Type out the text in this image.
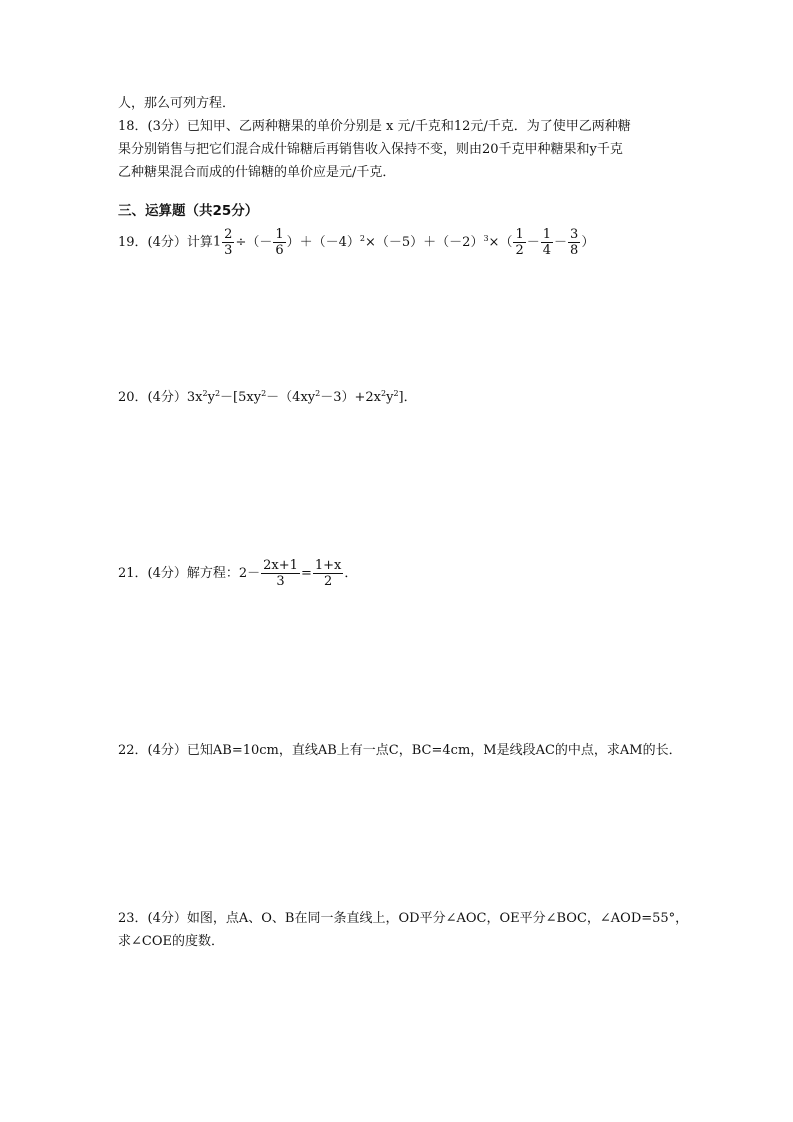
人，那么可列方程．
18．(3分）已知甲、乙两种糖果的单价分别是 x 元/千克和12元/千克．为了使甲乙两种糖
果分别销售与把它们混合成什锦糖后再销售收入保持不变，则由20千克甲种糖果和y千克
乙种糖果混合而成的什锦糖的单价应是元/千克．
三、运算题（共25分）
19．(4分）计算$1 \frac{2}{3}$ ÷（－ $\frac{1}{6} )+(-4)^2\times(-5)+(-2)^3\times( \frac{1}{2} - \frac{1}{4} - \frac{3}{8}$ ）
20．(4分）$3x^2y^2-[5xy^2-(4xy^2-3)+2x^2y^2]$．
21．(4分）解方程：$2- \frac{2x+1}{3} = \frac{1+x}{2}$ ．
22．(4分）已知AB=10cm，直线AB上有一点C，BC=4cm，M是线段AC的中点，求AM的长．
23．(4分）如图，点A、O、B在同一条直线上，OD平分∠AOC，OE平分∠BOC，∠AOD=55°，
求∠COE的度数．
